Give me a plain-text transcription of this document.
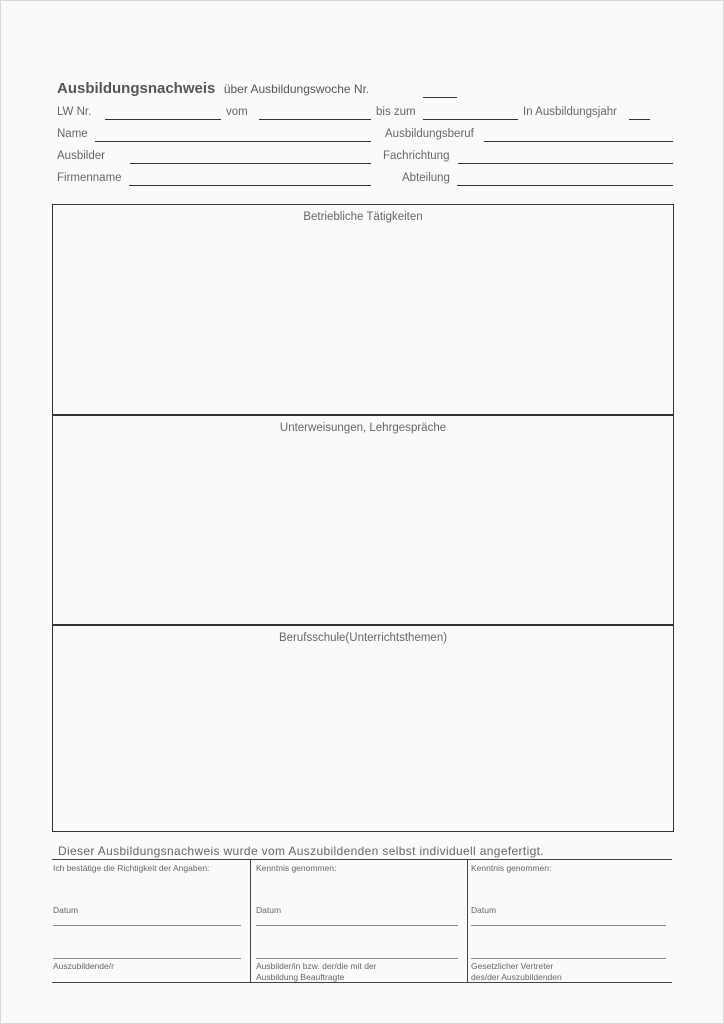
Ausbildungsnachweis über Ausbildungswoche Nr.
LW Nr.	vom	bis zum	In Ausbildungsjahr
Name	Ausbildungsberuf
Ausbilder	Fachrichtung
Firmenname	Abteilung
Betriebliche Tätigkeiten
Unterweisungen, Lehrgespräche
Berufsschule(Unterrichtsthemen)
Dieser Ausbildungsnachweis wurde vom Auszubildenden selbst individuell angefertigt.
Ich bestätige die Richtigkeit der Angaben:
Datum
Auszubildende/r
Kenntnis genommen:
Datum
Ausbilder/in bzw. der/die mit der
Ausbildung Beauftragte
Kenntnis genommen:
Datum
Gesetzlicher Vertreter
des/der Auszubildenden
